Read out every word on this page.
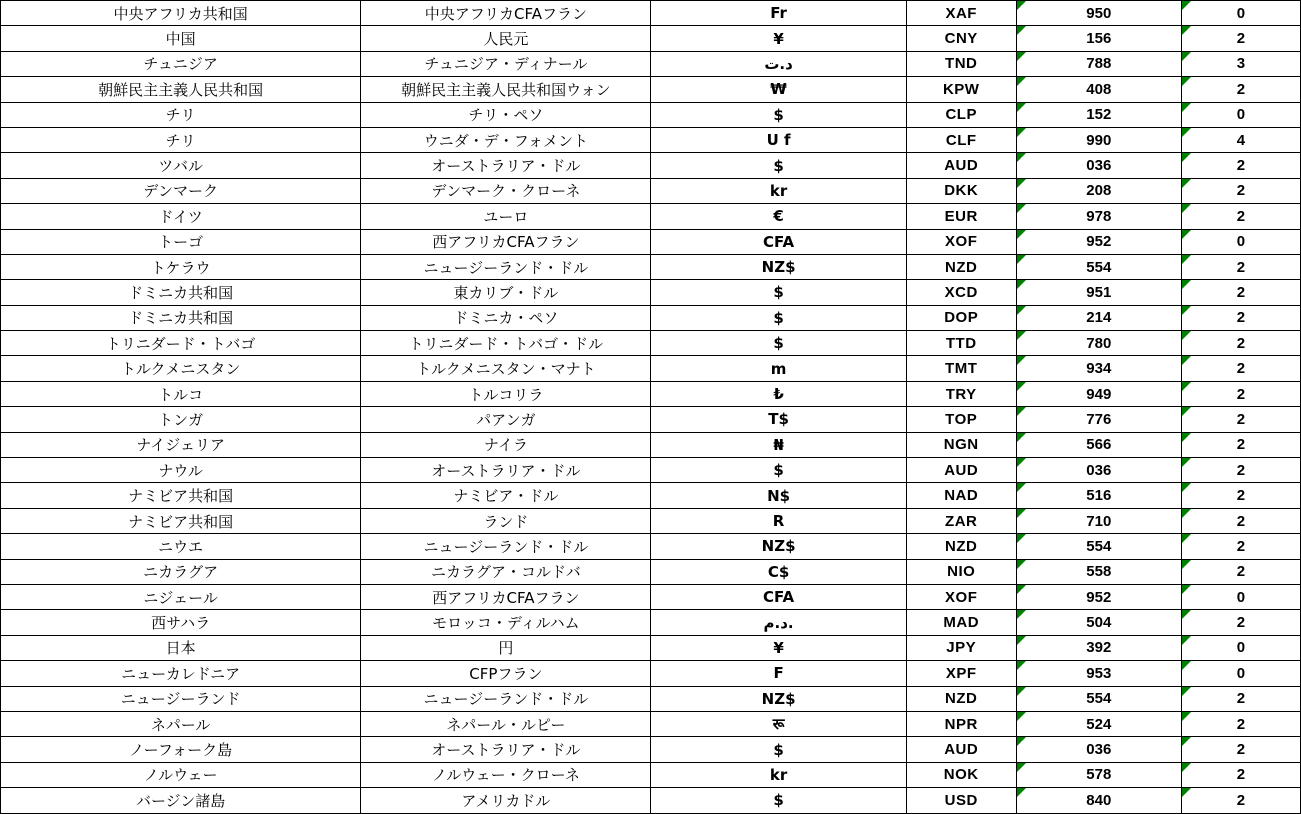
中央アフリカ共和国	中央アフリカCFAフラン	Fr	XAF	950	0
中国	人民元	¥	CNY	156	2
チュニジア	チュニジア・ディナール	د.ت	TND	788	3
朝鮮民主主義人民共和国	朝鮮民主主義人民共和国ウォン	₩	KPW	408	2
チリ	チリ・ペソ	$	CLP	152	0
チリ	ウニダ・デ・フォメント	U f	CLF	990	4
ツバル	オーストラリア・ドル	$	AUD	036	2
デンマーク	デンマーク・クローネ	kr	DKK	208	2
ドイツ	ユーロ	€	EUR	978	2
トーゴ	西アフリカCFAフラン	CFA	XOF	952	0
トケラウ	ニュージーランド・ドル	NZ$	NZD	554	2
ドミニカ共和国	東カリブ・ドル	$	XCD	951	2
ドミニカ共和国	ドミニカ・ペソ	$	DOP	214	2
トリニダード・トバゴ	トリニダード・トバゴ・ドル	$	TTD	780	2
トルクメニスタン	トルクメニスタン・マナト	m	TMT	934	2
トルコ	トルコリラ	₺	TRY	949	2
トンガ	パアンガ	T$	TOP	776	2
ナイジェリア	ナイラ	₦	NGN	566	2
ナウル	オーストラリア・ドル	$	AUD	036	2
ナミビア共和国	ナミビア・ドル	N$	NAD	516	2
ナミビア共和国	ランド	R	ZAR	710	2
ニウエ	ニュージーランド・ドル	NZ$	NZD	554	2
ニカラグア	ニカラグア・コルドバ	C$	NIO	558	2
ニジェール	西アフリカCFAフラン	CFA	XOF	952	0
西サハラ	モロッコ・ディルハム	د.م.	MAD	504	2
日本	円	¥	JPY	392	0
ニューカレドニア	CFPフラン	F	XPF	953	0
ニュージーランド	ニュージーランド・ドル	NZ$	NZD	554	2
ネパール	ネパール・ルピー	रू	NPR	524	2
ノーフォーク島	オーストラリア・ドル	$	AUD	036	2
ノルウェー	ノルウェー・クローネ	kr	NOK	578	2
バージン諸島	アメリカドル	$	USD	840	2
